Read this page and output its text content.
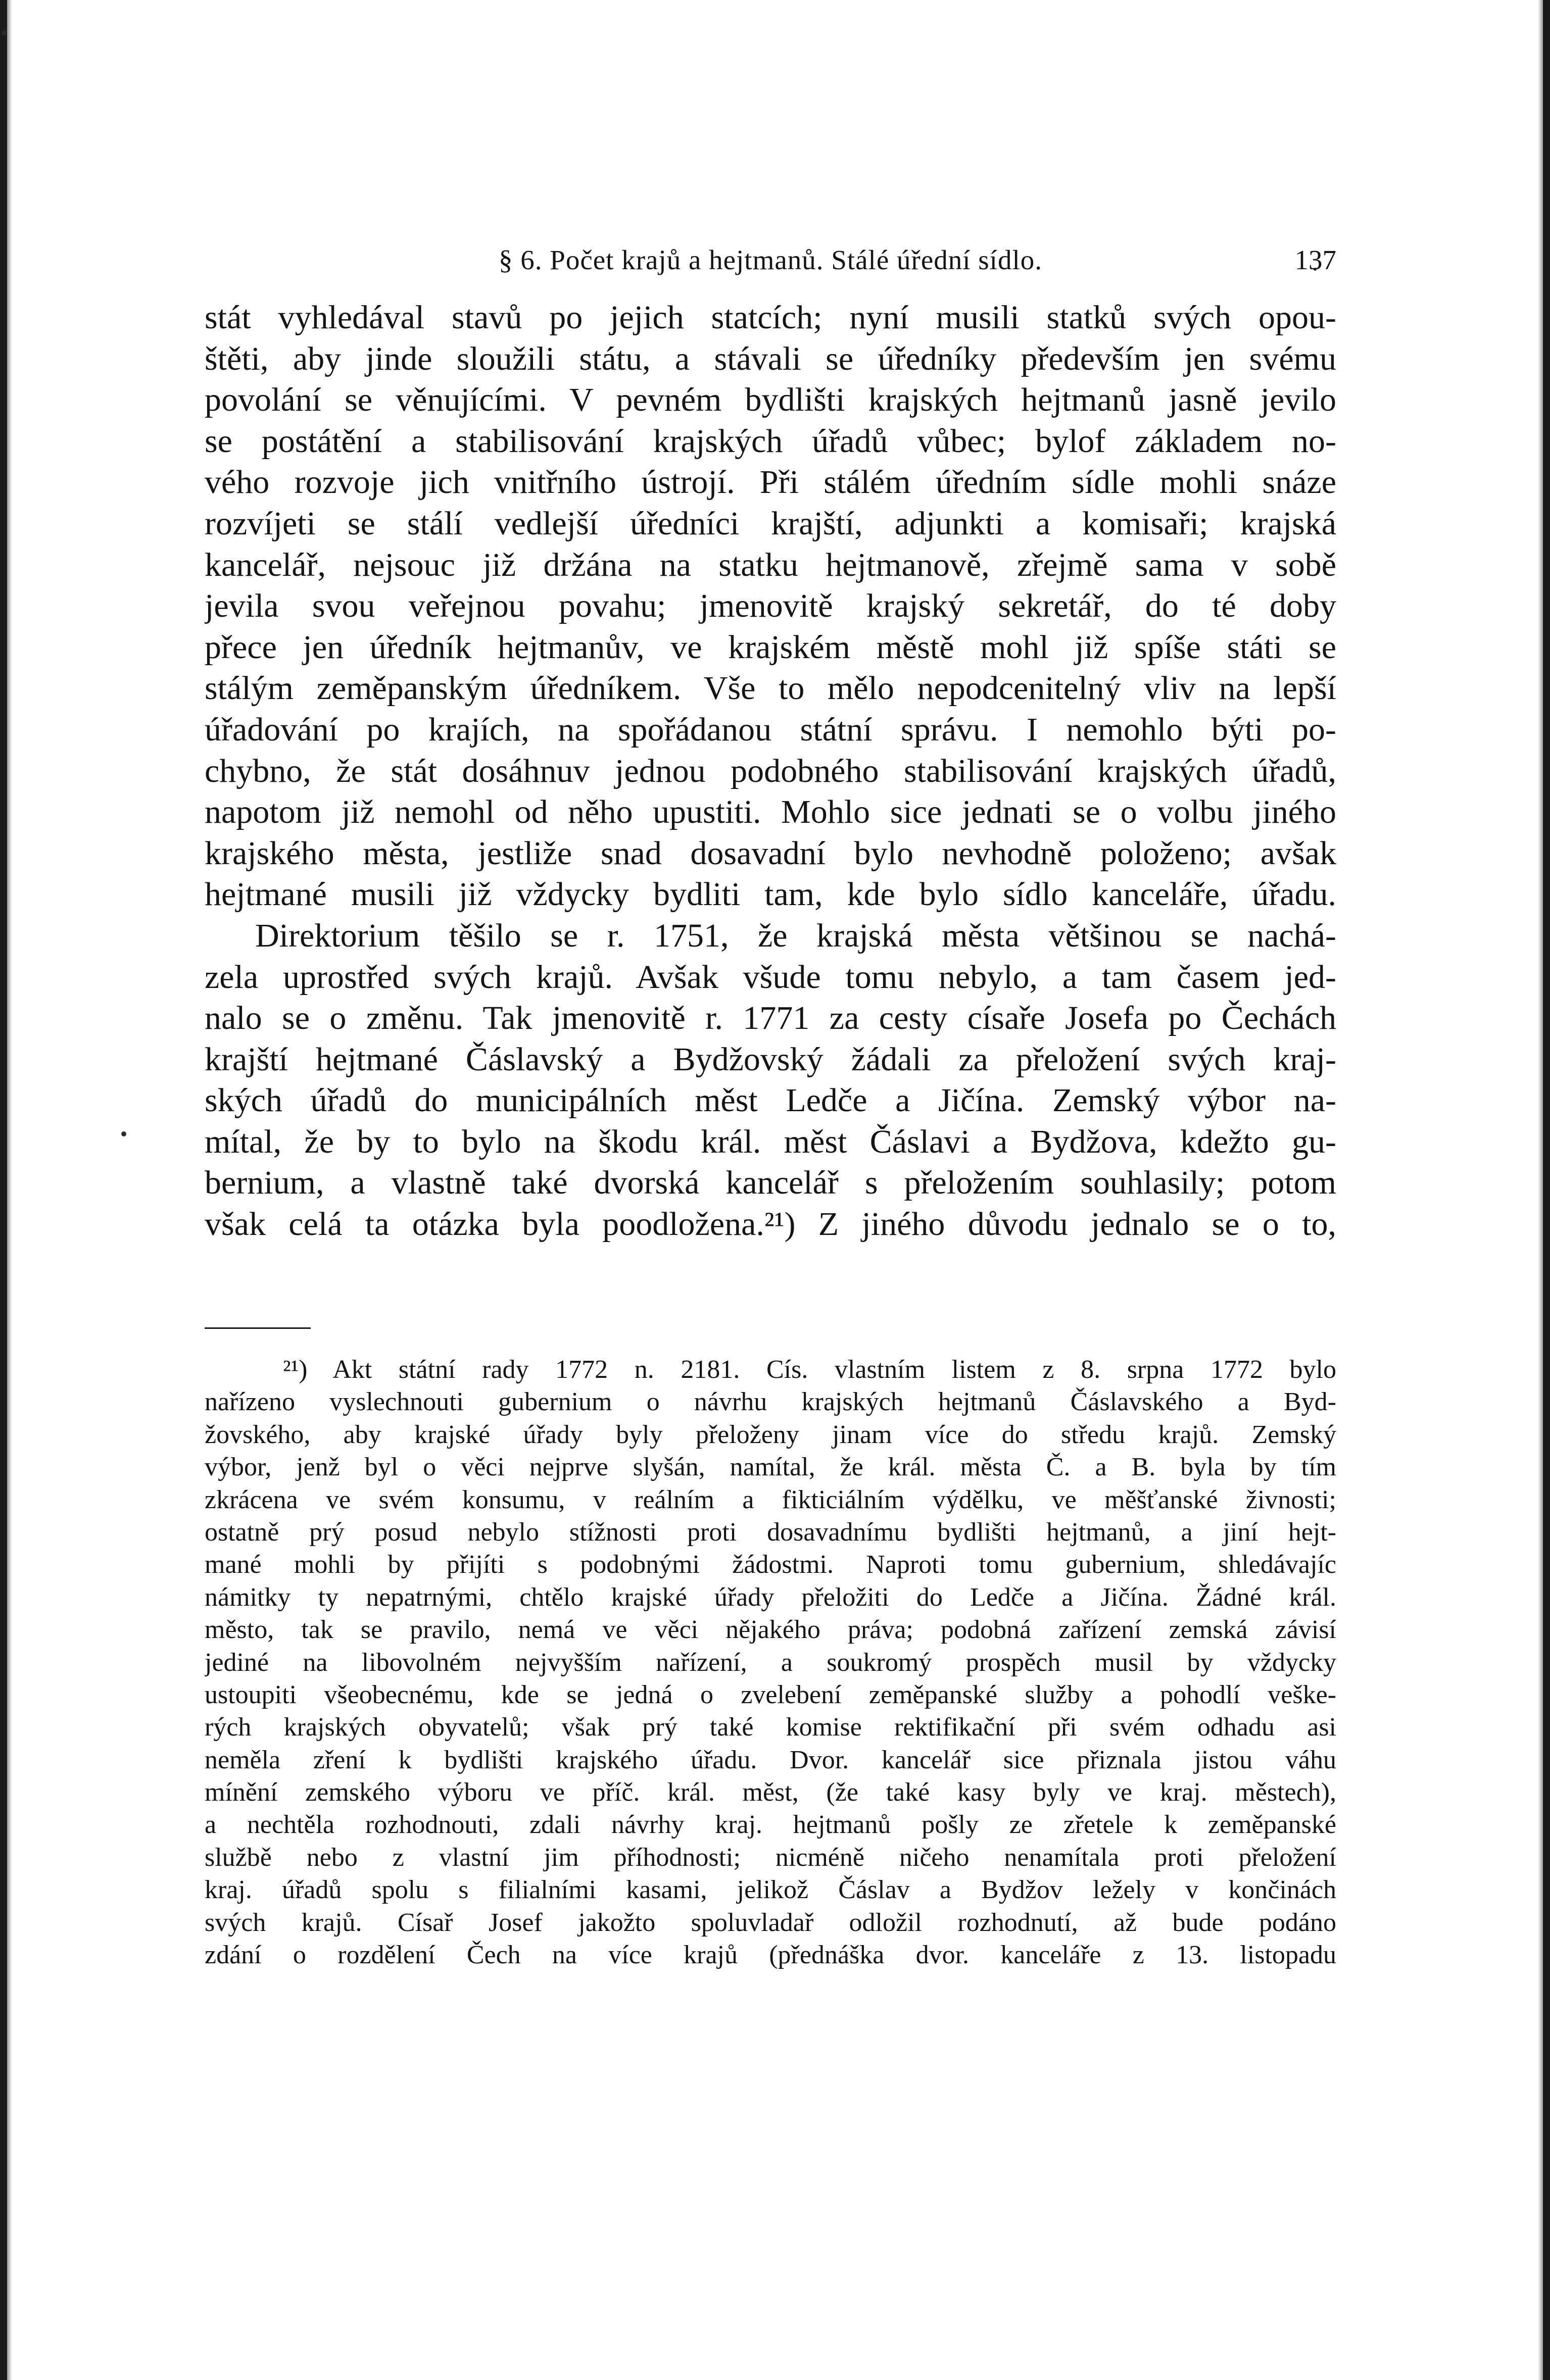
§ 6. Počet krajů a hejtmanů. Stálé úřední sídlo.	137
stát vyhledával stavů po jejich statcích; nyní musili statků svých opou-
štěti, aby jinde sloužili státu, a stávali se úředníky především jen svému
povolání se věnujícími. V pevném bydlišti krajských hejtmanů jasně jevilo
se postátění a stabilisování krajských úřadů vůbec; bylof základem no-
vého rozvoje jich vnitřního ústrojí. Při stálém úředním sídle mohli snáze
rozvíjeti se stálí vedlejší úředníci krajští, adjunkti a komisaři; krajská
kancelář, nejsouc již držána na statku hejtmanově, zřejmě sama v sobě
jevila svou veřejnou povahu; jmenovitě krajský sekretář, do té doby
přece jen úředník hejtmanův, ve krajském městě mohl již spíše státi se
stálým zeměpanským úředníkem. Vše to mělo nepodcenitelný vliv na lepší
úřadování po krajích, na spořádanou státní správu. I nemohlo býti po-
chybno, že stát dosáhnuv jednou podobného stabilisování krajských úřadů,
napotom již nemohl od něho upustiti. Mohlo sice jednati se o volbu jiného
krajského města, jestliže snad dosavadní bylo nevhodně položeno; avšak
hejtmané musili již vždycky bydliti tam, kde bylo sídlo kanceláře, úřadu.
Direktorium těšilo se r. 1751, že krajská města většinou se nachá-
zela uprostřed svých krajů. Avšak všude tomu nebylo, a tam časem jed-
nalo se o změnu. Tak jmenovitě r. 1771 za cesty císaře Josefa po Čechách
krajští hejtmané Čáslavský a Bydžovský žádali za přeložení svých kraj-
ských úřadů do municipálních měst Ledče a Jičína. Zemský výbor na-
mítal, že by to bylo na škodu král. měst Čáslavi a Bydžova, kdežto gu-
bernium, a vlastně také dvorská kancelář s přeložením souhlasily; potom
však celá ta otázka byla poodložena.²¹) Z jiného důvodu jednalo se o to,
²¹) Akt státní rady 1772 n. 2181. Cís. vlastním listem z 8. srpna 1772 bylo
nařízeno vyslechnouti gubernium o návrhu krajských hejtmanů Čáslavského a Byd-
žovského, aby krajské úřady byly přeloženy jinam více do středu krajů. Zemský
výbor, jenž byl o věci nejprve slyšán, namítal, že král. města Č. a B. byla by tím
zkrácena ve svém konsumu, v reálním a fikticiálním výdělku, ve měšťanské živnosti;
ostatně prý posud nebylo stížnosti proti dosavadnímu bydlišti hejtmanů, a jiní hejt-
mané mohli by přijíti s podobnými žádostmi. Naproti tomu gubernium, shledávajíc
námitky ty nepatrnými, chtělo krajské úřady přeložiti do Ledče a Jičína. Žádné král.
město, tak se pravilo, nemá ve věci nějakého práva; podobná zařízení zemská závisí
jediné na libovolném nejvyšším nařízení, a soukromý prospěch musil by vždycky
ustoupiti všeobecnému, kde se jedná o zvelebení zeměpanské služby a pohodlí veške-
rých krajských obyvatelů; však prý také komise rektifikační při svém odhadu asi
neměla zření k bydlišti krajského úřadu. Dvor. kancelář sice přiznala jistou váhu
mínění zemského výboru ve příč. král. měst, (že také kasy byly ve kraj. městech),
a nechtěla rozhodnouti, zdali návrhy kraj. hejtmanů pošly ze zřetele k zeměpanské
službě nebo z vlastní jim příhodnosti; nicméně ničeho nenamítala proti přeložení
kraj. úřadů spolu s filialními kasami, jelikož Čáslav a Bydžov ležely v končinách
svých krajů. Císař Josef jakožto spoluvladař odložil rozhodnutí, až bude podáno
zdání o rozdělení Čech na více krajů (přednáška dvor. kanceláře z 13. listopadu
